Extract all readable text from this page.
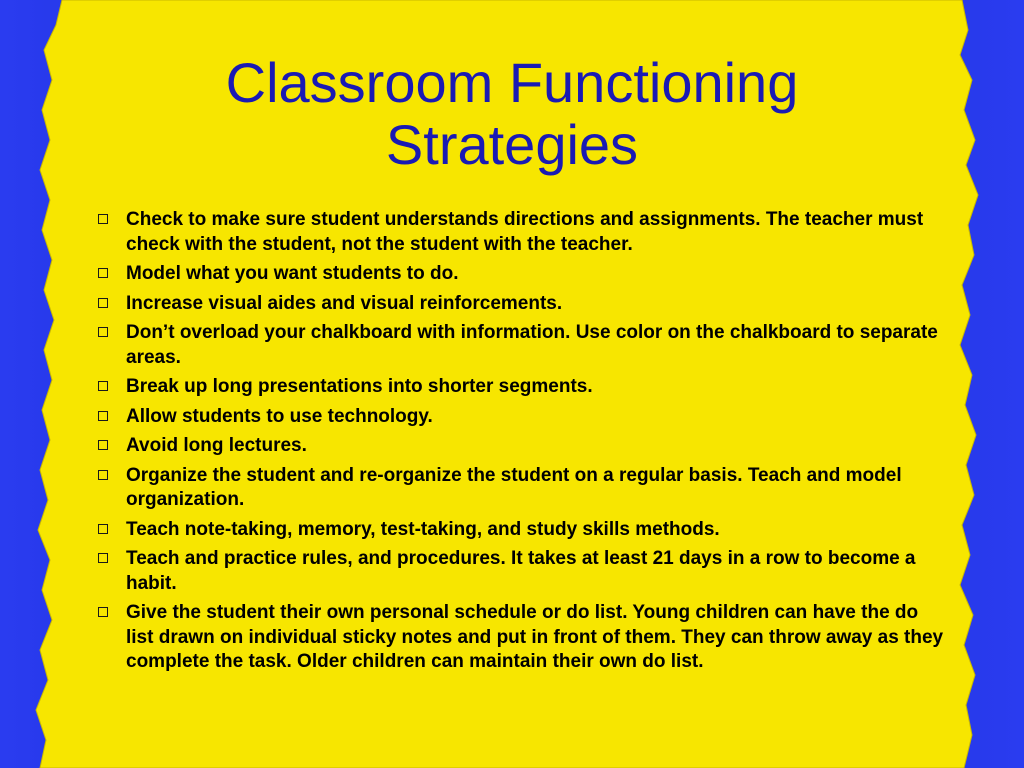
Classroom Functioning
Strategies
Check to make sure student understands directions and assignments. The teacher must check with the student, not the student with the teacher.
Model what you want students to do.
Increase visual aides and visual reinforcements.
Don’t overload your chalkboard with information. Use color on the chalkboard to separate areas.
Break up long presentations into shorter segments.
Allow students to use technology.
Avoid long lectures.
Organize the student and re-organize the student on a regular basis. Teach and model organization.
Teach note-taking, memory, test-taking, and study skills methods.
Teach and practice rules, and procedures. It takes at least 21 days in a row to become a habit.
Give the student their own personal schedule or do list. Young children can have the do list drawn on individual sticky notes and put in front of them. They can throw away as they complete the task. Older children can maintain their own do list.
